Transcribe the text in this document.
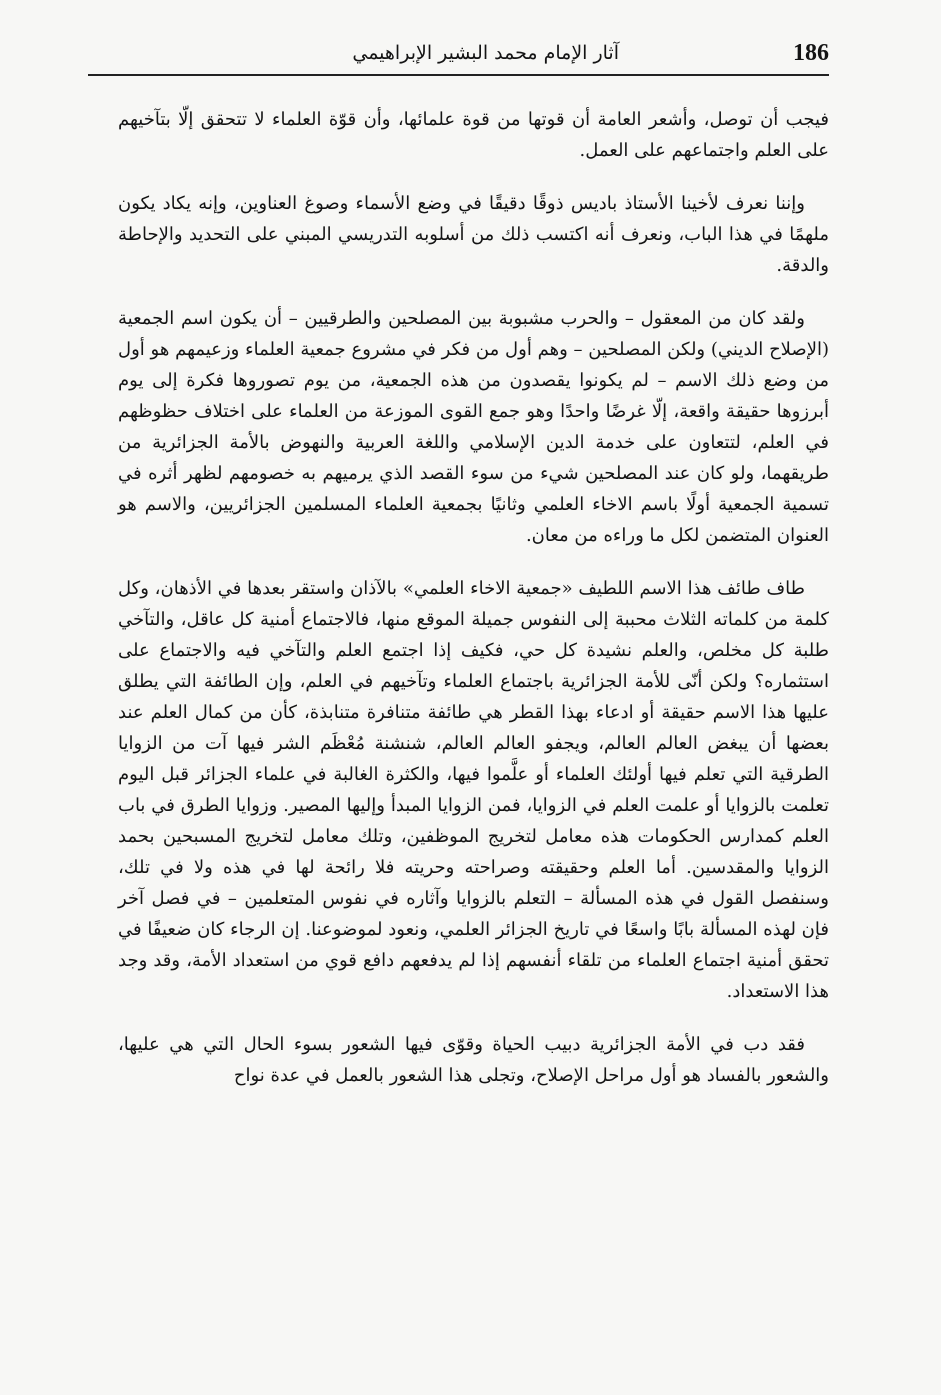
186
آثار الإمام محمد البشير الإبراهيمي

فيجب أن توصل، وأشعر العامة أن قوتها من قوة علمائها، وأن قوّة العلماء لا تتحقق إلّا بتآخيهم على العلم واجتماعهم على العمل.

وإننا نعرف لأخينا الأستاذ باديس ذوقًا دقيقًا في وضع الأسماء وصوغ العناوين، وإنه يكاد يكون ملهمًا في هذا الباب، ونعرف أنه اكتسب ذلك من أسلوبه التدريسي المبني على التحديد والإحاطة والدقة.

ولقد كان من المعقول – والحرب مشبوبة بين المصلحين والطرقيين – أن يكون اسم الجمعية (الإصلاح الديني) ولكن المصلحين – وهم أول من فكر في مشروع جمعية العلماء وزعيمهم هو أول من وضع ذلك الاسم – لم يكونوا يقصدون من هذه الجمعية، من يوم تصوروها فكرة إلى يوم أبرزوها حقيقة واقعة، إلّا غرضًا واحدًا وهو جمع القوى الموزعة من العلماء على اختلاف حظوظهم في العلم، لتتعاون على خدمة الدين الإسلامي واللغة العربية والنهوض بالأمة الجزائرية من طريقهما، ولو كان عند المصلحين شيء من سوء القصد الذي يرميهم به خصومهم لظهر أثره في تسمية الجمعية أولًا باسم الاخاء العلمي وثانيًا بجمعية العلماء المسلمين الجزائريين، والاسم هو العنوان المتضمن لكل ما وراءه من معان.

طاف طائف هذا الاسم اللطيف «جمعية الاخاء العلمي» بالآذان واستقر بعدها في الأذهان، وكل كلمة من كلماته الثلاث محببة إلى النفوس جميلة الموقع منها، فالاجتماع أمنية كل عاقل، والتآخي طلبة كل مخلص، والعلم نشيدة كل حي، فكيف إذا اجتمع العلم والتآخي فيه والاجتماع على استثماره؟ ولكن أنّى للأمة الجزائرية باجتماع العلماء وتآخيهم في العلم، وإن الطائفة التي يطلق عليها هذا الاسم حقيقة أو ادعاء بهذا القطر هي طائفة متنافرة متنابذة، كأن من كمال العلم عند بعضها أن يبغض العالم العالم، ويجفو العالم العالم، شنشنة مُعْظَم الشر فيها آت من الزوايا الطرقية التي تعلم فيها أولئك العلماء أو علَّموا فيها، والكثرة الغالبة في علماء الجزائر قبل اليوم تعلمت بالزوايا أو علمت العلم في الزوايا، فمن الزوايا المبدأ وإليها المصير. وزوايا الطرق في باب العلم كمدارس الحكومات هذه معامل لتخريج الموظفين، وتلك معامل لتخريج المسبحين بحمد الزوايا والمقدسين. أما العلم وحقيقته وصراحته وحريته فلا رائحة لها في هذه ولا في تلك، وسنفصل القول في هذه المسألة – التعلم بالزوايا وآثاره في نفوس المتعلمين – في فصل آخر فإن لهذه المسألة بابًا واسعًا في تاريخ الجزائر العلمي، ونعود لموضوعنا. إن الرجاء كان ضعيفًا في تحقق أمنية اجتماع العلماء من تلقاء أنفسهم إذا لم يدفعهم دافع قوي من استعداد الأمة، وقد وجد هذا الاستعداد.

فقد دب في الأمة الجزائرية دبيب الحياة وقوّى فيها الشعور بسوء الحال التي هي عليها، والشعور بالفساد هو أول مراحل الإصلاح، وتجلى هذا الشعور بالعمل في عدة نواح
